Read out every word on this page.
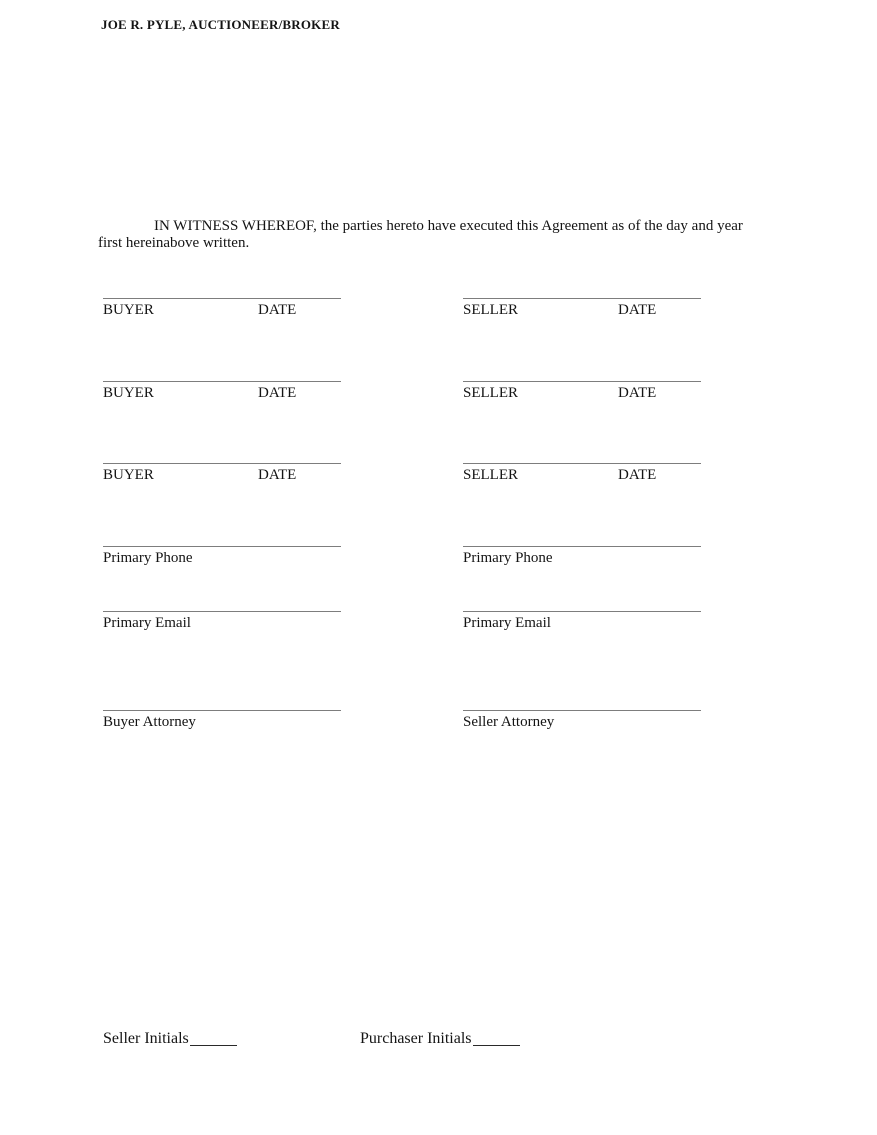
JOE R. PYLE, AUCTIONEER/BROKER

IN WITNESS WHEREOF, the parties hereto have executed this Agreement as of the day and year first hereinabove written.

BUYER	DATE	SELLER	DATE
BUYER	DATE	SELLER	DATE
BUYER	DATE	SELLER	DATE
Primary Phone	Primary Phone
Primary Email	Primary Email
Buyer Attorney	Seller Attorney
Seller Initials	Purchaser Initials
